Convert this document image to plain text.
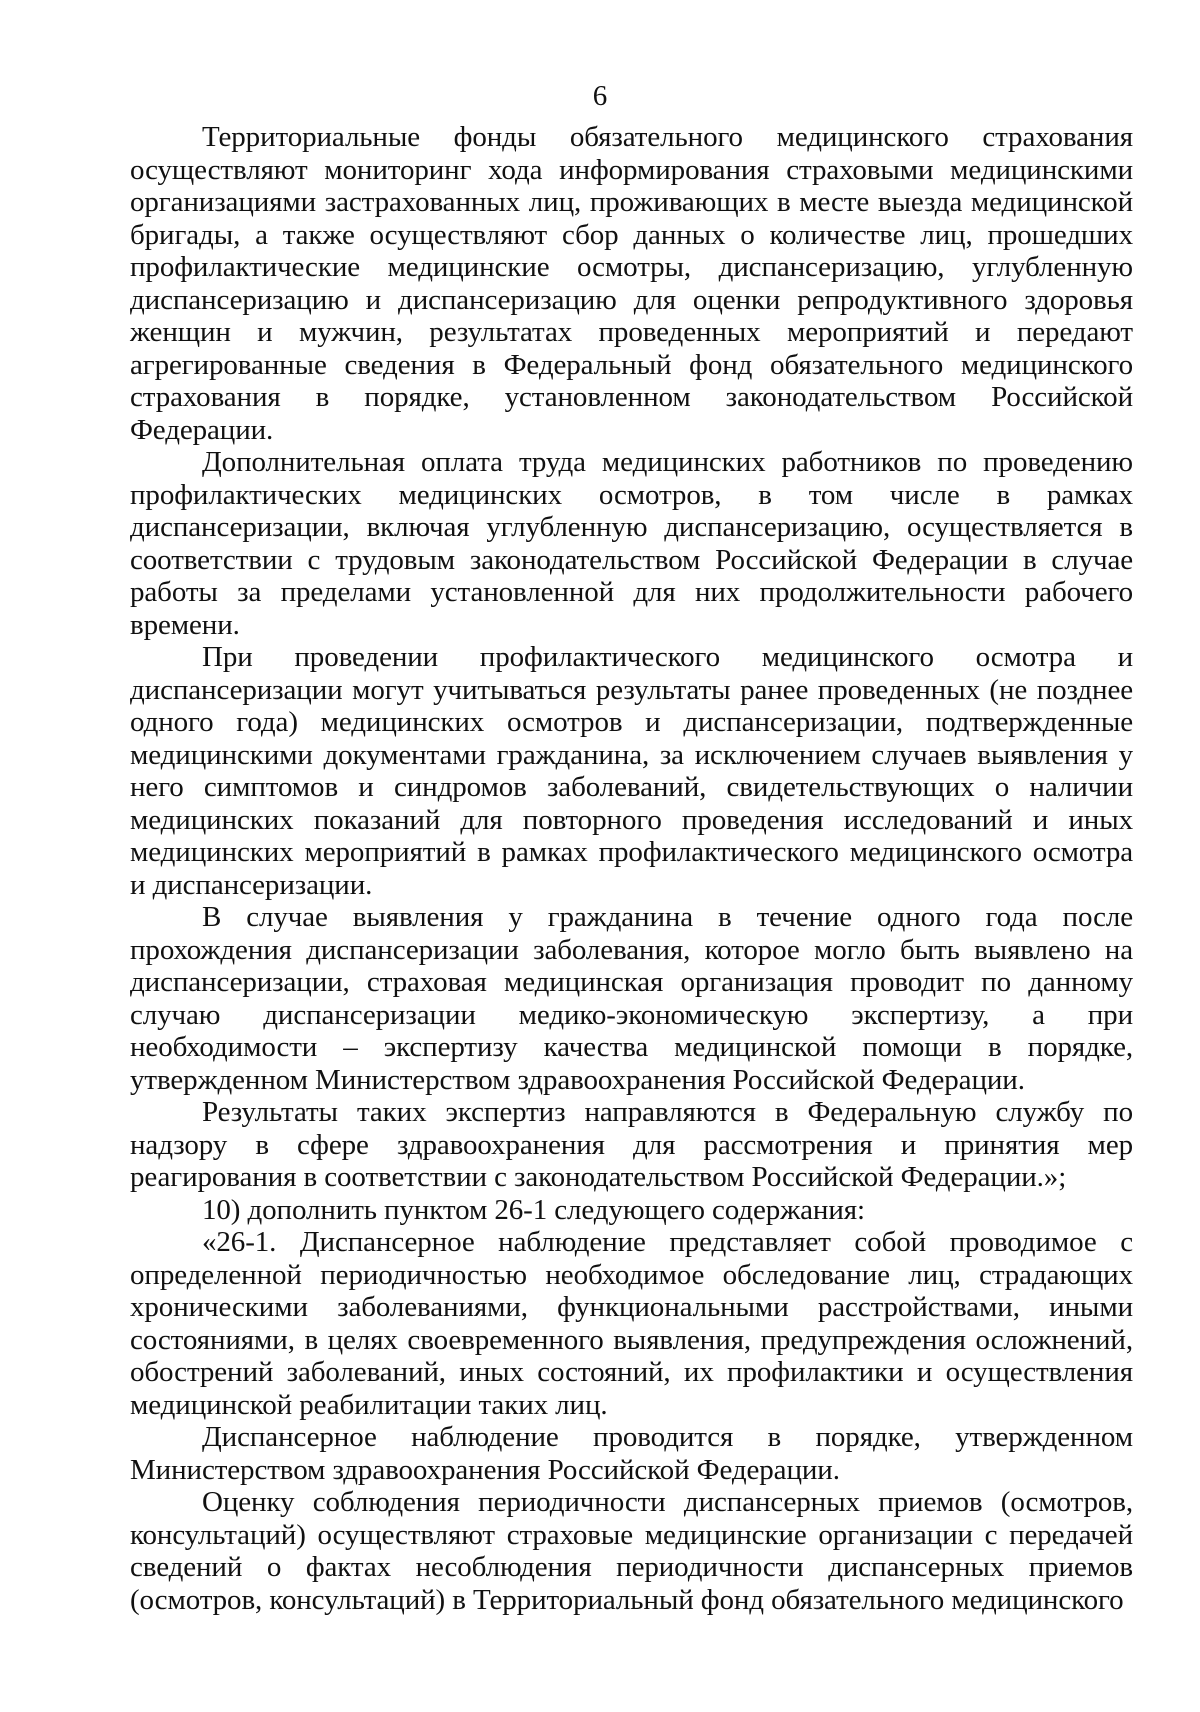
6

Территориальные фонды обязательного медицинского страхования осуществляют мониторинг хода информирования страховыми медицинскими организациями застрахованных лиц, проживающих в месте выезда медицинской бригады, а также осуществляют сбор данных о количестве лиц, прошедших профилактические медицинские осмотры, диспансеризацию, углубленную диспансеризацию и диспансеризацию для оценки репродуктивного здоровья женщин и мужчин, результатах проведенных мероприятий и передают агрегированные сведения в Федеральный фонд обязательного медицинского страхования в порядке, установленном законодательством Российской Федерации.

Дополнительная оплата труда медицинских работников по проведению профилактических медицинских осмотров, в том числе в рамках диспансеризации, включая углубленную диспансеризацию, осуществляется в соответствии с трудовым законодательством Российской Федерации в случае работы за пределами установленной для них продолжительности рабочего времени.

При проведении профилактического медицинского осмотра и диспансеризации могут учитываться результаты ранее проведенных (не позднее одного года) медицинских осмотров и диспансеризации, подтвержденные медицинскими документами гражданина, за исключением случаев выявления у него симптомов и синдромов заболеваний, свидетельствующих о наличии медицинских показаний для повторного проведения исследований и иных медицинских мероприятий в рамках профилактического медицинского осмотра и диспансеризации.

В случае выявления у гражданина в течение одного года после прохождения диспансеризации заболевания, которое могло быть выявлено на диспансеризации, страховая медицинская организация проводит по данному случаю диспансеризации медико-экономическую экспертизу, а при необходимости – экспертизу качества медицинской помощи в порядке, утвержденном Министерством здравоохранения Российской Федерации.

Результаты таких экспертиз направляются в Федеральную службу по надзору в сфере здравоохранения для рассмотрения и принятия мер реагирования в соответствии с законодательством Российской Федерации.»;

10) дополнить пунктом 26-1 следующего содержания:

«26-1. Диспансерное наблюдение представляет собой проводимое с определенной периодичностью необходимое обследование лиц, страдающих хроническими заболеваниями, функциональными расстройствами, иными состояниями, в целях своевременного выявления, предупреждения осложнений, обострений заболеваний, иных состояний, их профилактики и осуществления медицинской реабилитации таких лиц.

Диспансерное наблюдение проводится в порядке, утвержденном Министерством здравоохранения Российской Федерации.

Оценку соблюдения периодичности диспансерных приемов (осмотров, консультаций) осуществляют страховые медицинские организации с передачей сведений о фактах несоблюдения периодичности диспансерных приемов (осмотров, консультаций) в Территориальный фонд обязательного медицинского
